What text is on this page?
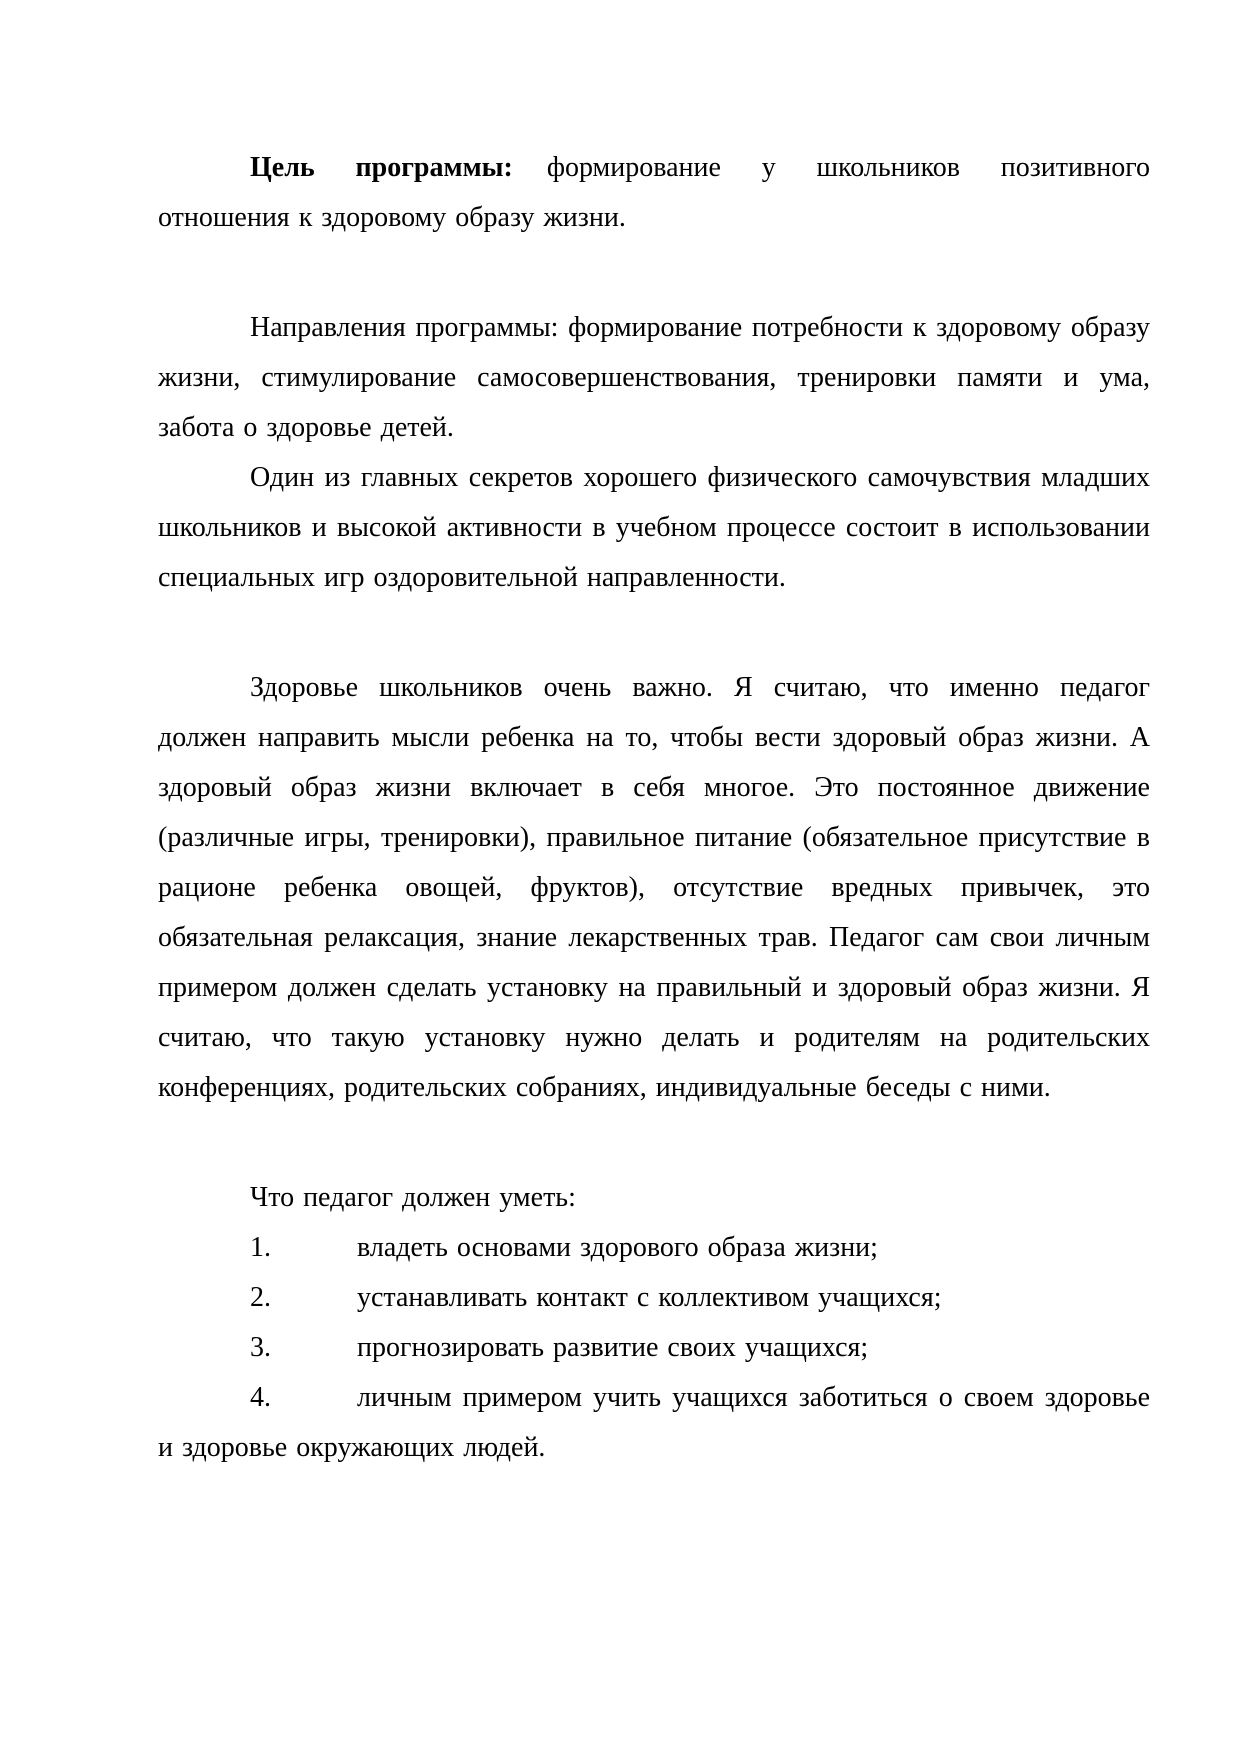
Цель программы: формирование у школьников позитивного отношения к здоровому образу жизни.

Направления программы: формирование потребности к здоровому образу жизни, стимулирование самосовершенствования, тренировки памяти и ума, забота о здоровье детей.

Один из главных секретов хорошего физического самочувствия младших школьников и высокой активности в учебном процессе состоит в использовании специальных игр оздоровительной направленности.

Здоровье школьников очень важно. Я считаю, что именно педагог должен направить мысли ребенка на то, чтобы вести здоровый образ жизни. А здоровый образ жизни включает в себя многое. Это постоянное движение (различные игры, тренировки), правильное питание (обязательное присутствие в рационе ребенка овощей, фруктов), отсутствие вредных привычек, это обязательная релаксация, знание лекарственных трав. Педагог сам свои личным примером должен сделать установку на правильный и здоровый образ жизни. Я считаю, что такую установку нужно делать и родителям на родительских конференциях, родительских собраниях, индивидуальные беседы с ними.

Что педагог должен уметь:

1.	владеть основами здорового образа жизни;

2.	устанавливать контакт с коллективом учащихся;

3.	прогнозировать развитие своих учащихся;

4.	личным примером учить учащихся заботиться о своем здоровье и здоровье окружающих людей.
